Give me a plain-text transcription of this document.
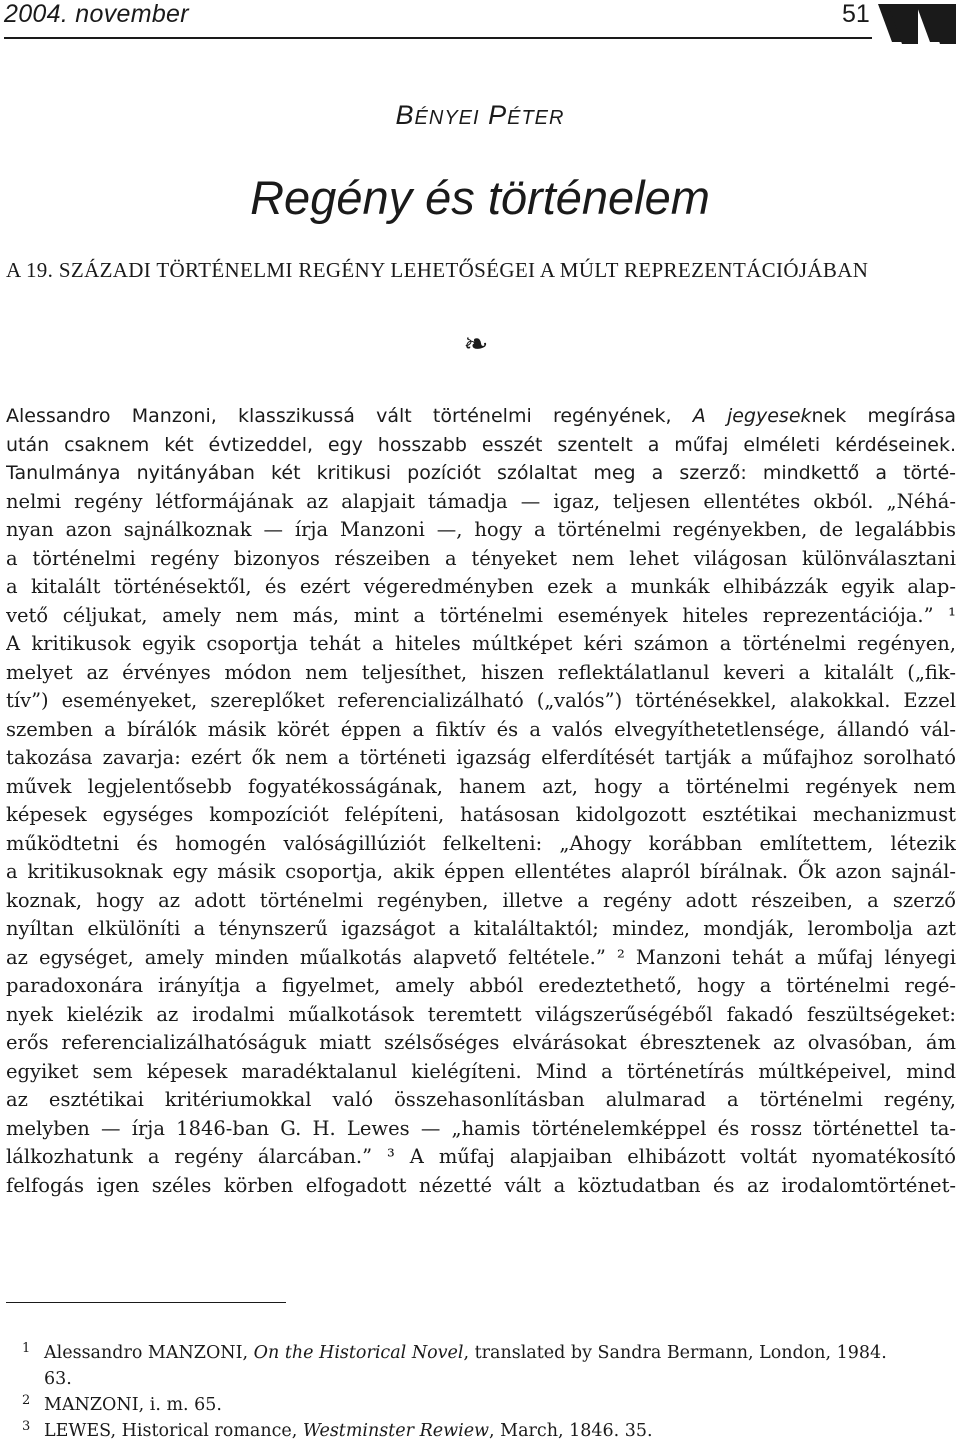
2004. november	51
BÉNYEI PÉTER
Regény és történelem
A 19. SZÁZADI TÖRTÉNELMI REGÉNY LEHETŐSÉGEI A MÚLT REPREZENTÁCIÓJÁBAN
❧
Alessandro Manzoni, klasszikussá vált történelmi regényének, A jegyeseknek megírása
után csaknem két évtizeddel, egy hosszabb esszét szentelt a műfaj elméleti kérdéseinek.
Tanulmánya nyitányában két kritikusi pozíciót szólaltat meg a szerző: mindkettő a törté-
nelmi regény létformájának az alapjait támadja — igaz, teljesen ellentétes okból. „Néhá-
nyan azon sajnálkoznak — írja Manzoni —, hogy a történelmi regényekben, de legalábbis
a történelmi regény bizonyos részeiben a tényeket nem lehet világosan különválasztani
a kitalált történésektől, és ezért végeredményben ezek a munkák elhibázzák egyik alap-
vető céljukat, amely nem más, mint a történelmi események hiteles reprezentációja.” ¹
A kritikusok egyik csoportja tehát a hiteles múltképet kéri számon a történelmi regényen,
melyet az érvényes módon nem teljesíthet, hiszen reflektálatlanul keveri a kitalált („fik-
tív”) eseményeket, szereplőket referencializálható („valós”) történésekkel, alakokkal. Ezzel
szemben a bírálók másik körét éppen a fiktív és a valós elvegyíthetetlensége, állandó vál-
takozása zavarja: ezért ők nem a történeti igazság elferdítését tartják a műfajhoz sorolható
művek legjelentősebb fogyatékosságának, hanem azt, hogy a történelmi regények nem
képesek egységes kompozíciót felépíteni, hatásosan kidolgozott esztétikai mechanizmust
működtetni és homogén valóságillúziót felkelteni: „Ahogy korábban említettem, létezik
a kritikusoknak egy másik csoportja, akik éppen ellentétes alapról bírálnak. Ők azon sajnál-
koznak, hogy az adott történelmi regényben, illetve a regény adott részeiben, a szerző
nyíltan elkülöníti a ténynszerű igazságot a kitaláltaktól; mindez, mondják, lerombolja azt
az egységet, amely minden műalkotás alapvető feltétele.” ² Manzoni tehát a műfaj lényegi
paradoxonára irányítja a figyelmet, amely abból eredeztethető, hogy a történelmi regé-
nyek kielézik az irodalmi műalkotások teremtett világszerűségéből fakadó feszültségeket:
erős referencializálhatóságuk miatt szélsőséges elvárásokat ébresztenek az olvasóban, ám
egyiket sem képesek maradéktalanul kielégíteni. Mind a történetírás múltképeivel, mind
az esztétikai kritériumokkal való összehasonlításban alulmarad a történelmi regény,
melyben — írja 1846-ban G. H. Lewes — „hamis történelemképpel és rossz történettel ta-
lálkozhatunk a regény álarcában.” ³ A műfaj alapjaiban elhibázott voltát nyomatékosító
felfogás igen széles körben elfogadott nézetté vált a köztudatban és az irodalomtörténet-
1 Alessandro MANZONI, On the Historical Novel, translated by Sandra Bermann, London, 1984.
63.
2 MANZONI, i. m. 65.
3 LEWES, Historical romance, Westminster Rewiew, March, 1846. 35.
